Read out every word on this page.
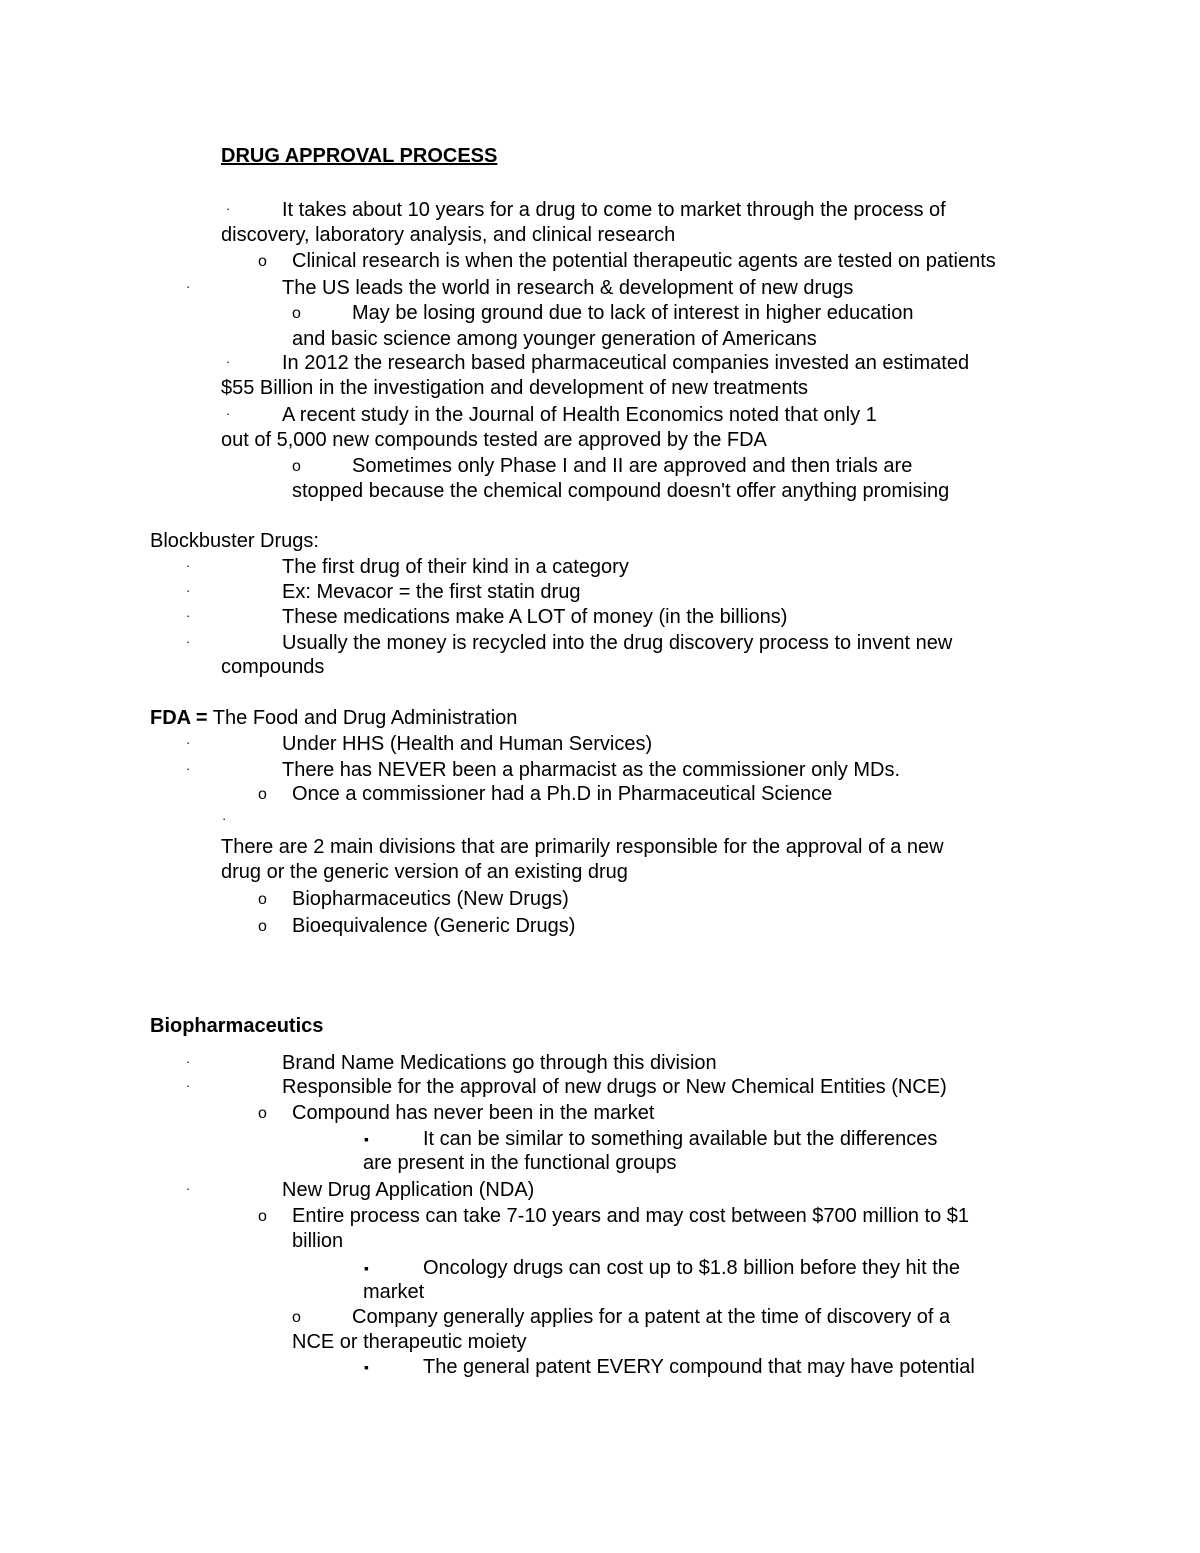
DRUG APPROVAL PROCESS
·	It takes about 10 years for a drug to come to market through the process of
discovery, laboratory analysis, and clinical research
o Clinical research is when the potential therapeutic agents are tested on patients
·	The US leads the world in research & development of new drugs
o	May be losing ground due to lack of interest in higher education
and basic science among younger generation of Americans
·	In 2012 the research based pharmaceutical companies invested an estimated
$55 Billion in the investigation and development of new treatments
·	A recent study in the Journal of Health Economics noted that only 1
out of 5,000 new compounds tested are approved by the FDA
o	Sometimes only Phase I and II are approved and then trials are
stopped because the chemical compound doesn't offer anything promising
Blockbuster Drugs:
·	The first drug of their kind in a category
·	Ex: Mevacor = the first statin drug
·	These medications make A LOT of money (in the billions)
·	Usually the money is recycled into the drug discovery process to invent new
compounds
FDA = The Food and Drug Administration
·	Under HHS (Health and Human Services)
·	There has NEVER been a pharmacist as the commissioner only MDs.
o Once a commissioner had a Ph.D in Pharmaceutical Science
·
There are 2 main divisions that are primarily responsible for the approval of a new
drug or the generic version of an existing drug
o Biopharmaceutics (New Drugs)
o Bioequivalence (Generic Drugs)
Biopharmaceutics
·	Brand Name Medications go through this division
·	Responsible for the approval of new drugs or New Chemical Entities (NCE)
o Compound has never been in the market
▪	It can be similar to something available but the differences
are present in the functional groups
·	New Drug Application (NDA)
o Entire process can take 7-10 years and may cost between $700 million to $1
billion
▪	Oncology drugs can cost up to $1.8 billion before they hit the
market
o	Company generally applies for a patent at the time of discovery of a
NCE or therapeutic moiety
▪	The general patent EVERY compound that may have potential
